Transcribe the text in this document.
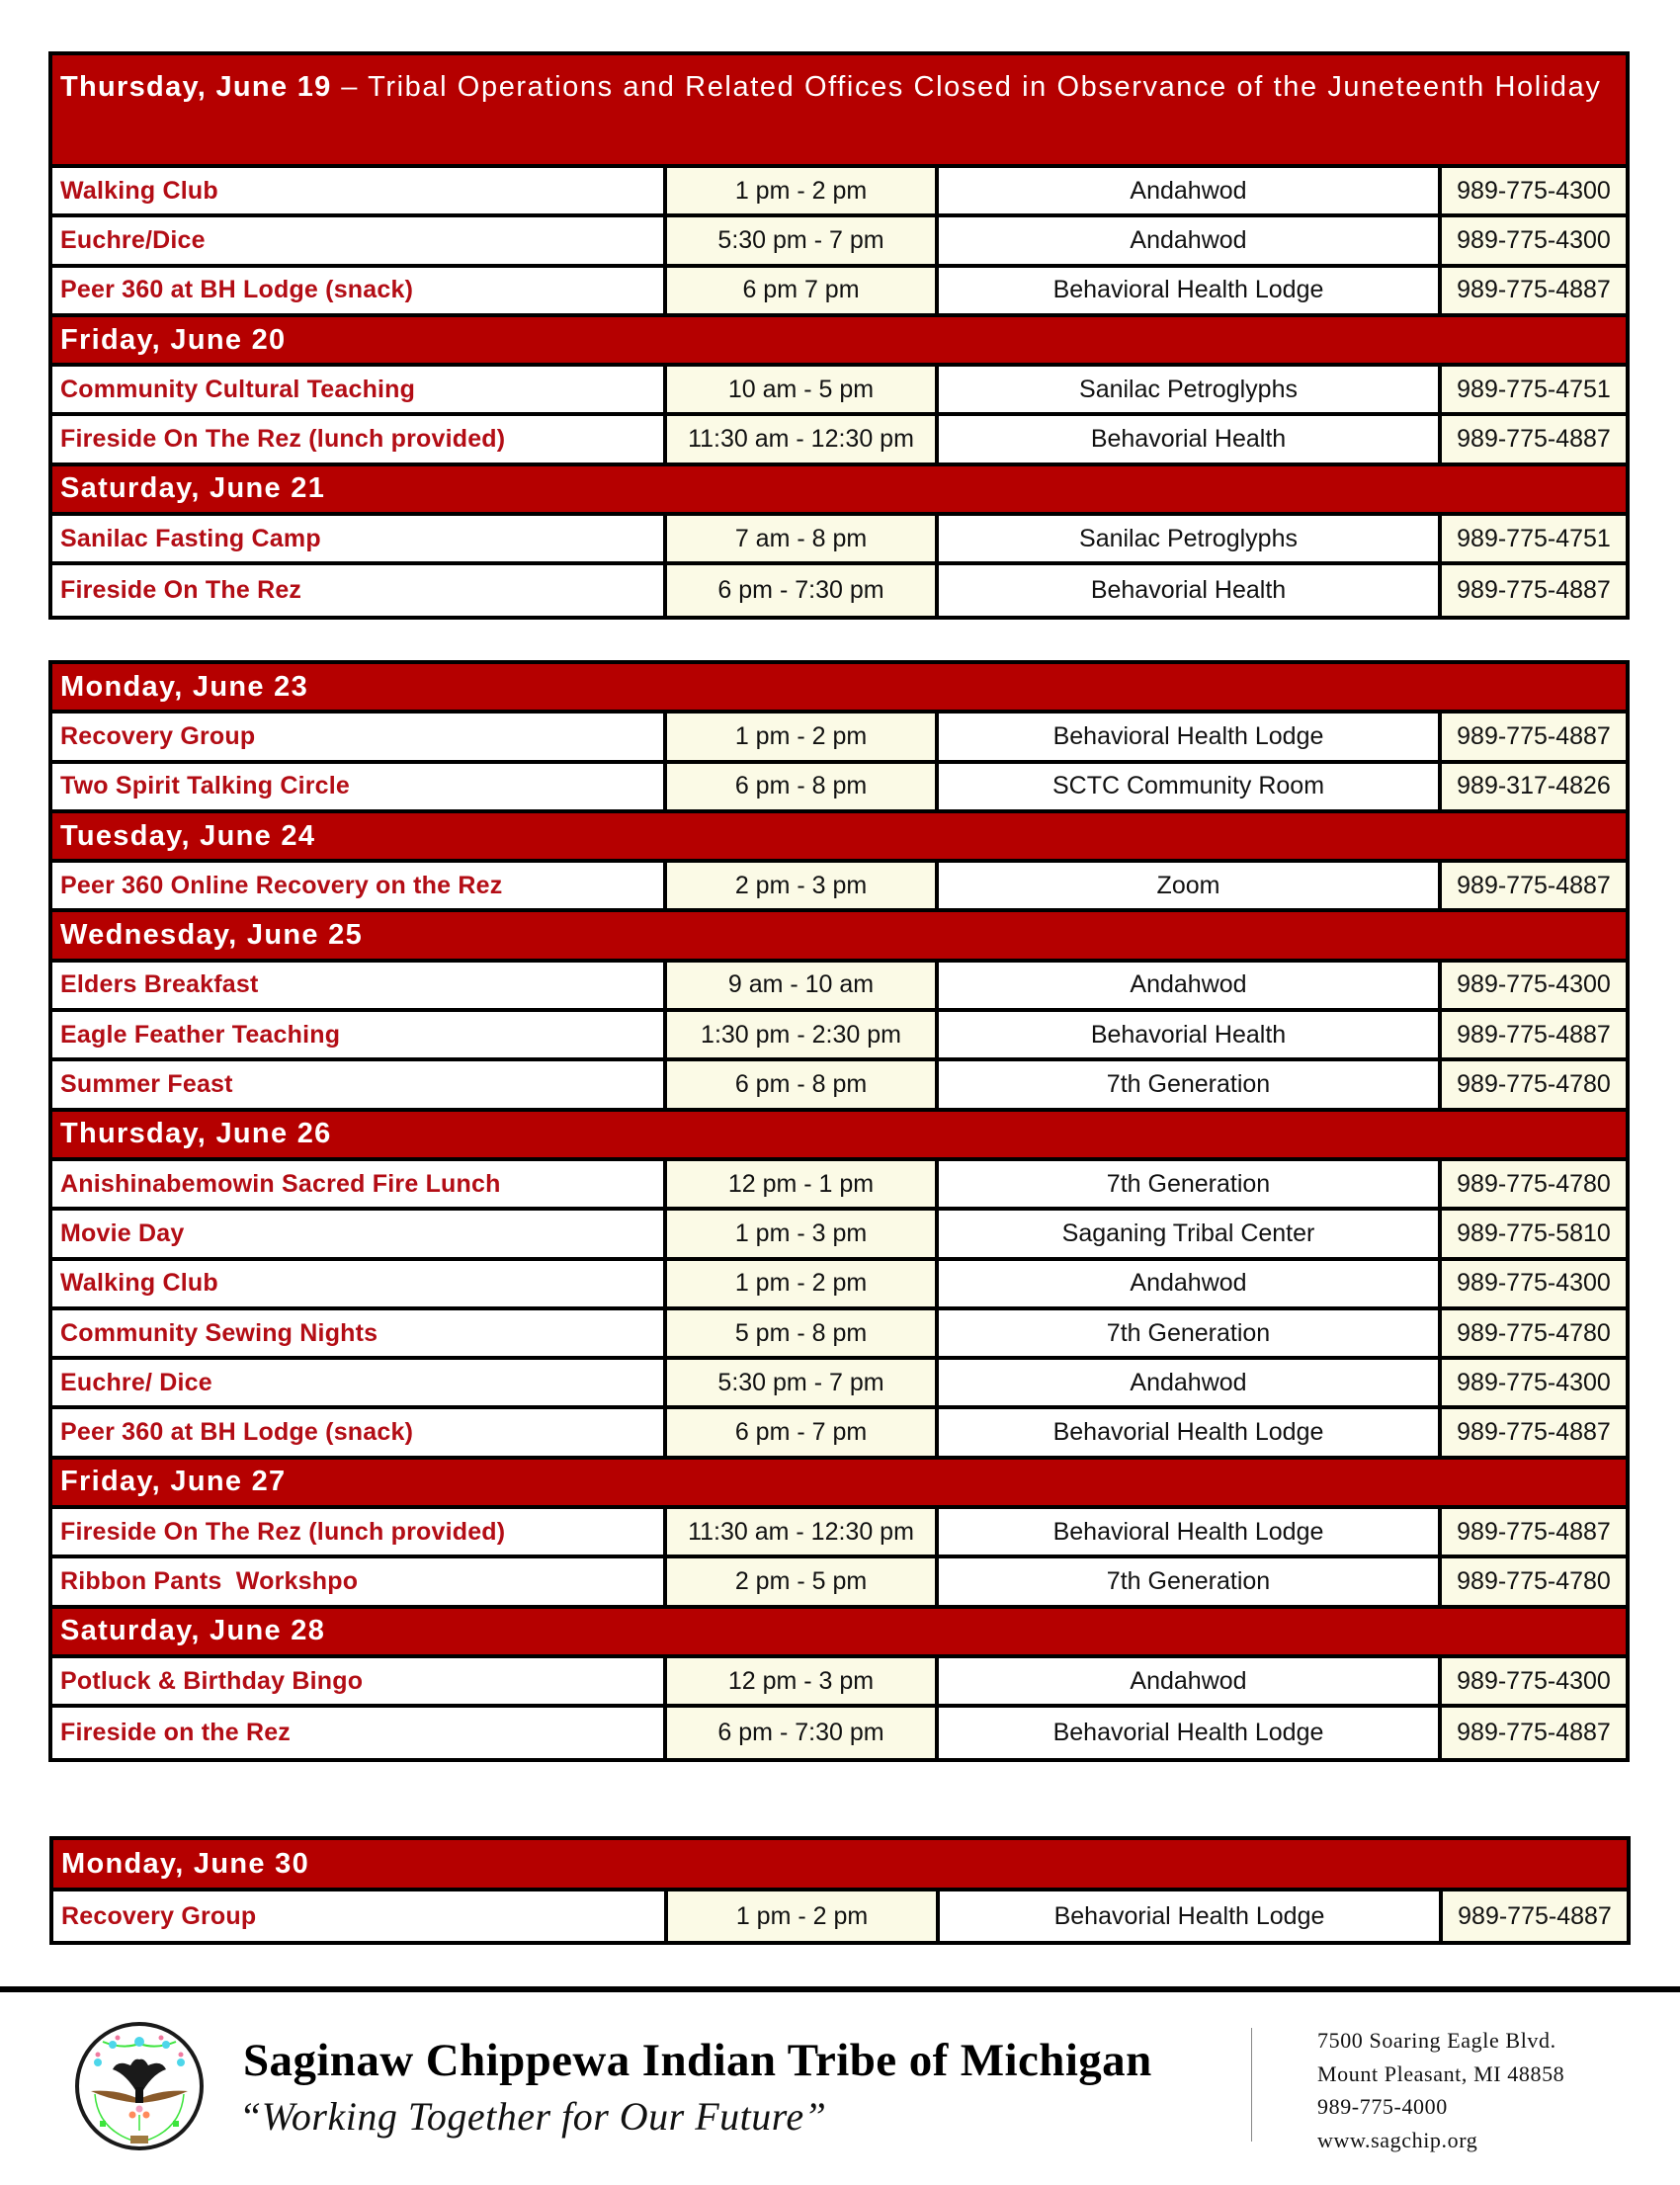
Thursday, June 19 – Tribal Operations and Related Offices Closed in Observance of the Juneteenth Holiday
Walking Club	1 pm - 2 pm	Andahwod	989-775-4300
Euchre/Dice	5:30 pm - 7 pm	Andahwod	989-775-4300
Peer 360 at BH Lodge (snack)	6 pm 7 pm	Behavioral Health Lodge	989-775-4887
Friday, June 20
Community Cultural Teaching	10 am - 5 pm	Sanilac Petroglyphs	989-775-4751
Fireside On The Rez (lunch provided)	11:30 am - 12:30 pm	Behavorial Health	989-775-4887
Saturday, June 21
Sanilac Fasting Camp	7 am - 8 pm	Sanilac Petroglyphs	989-775-4751
Fireside On The Rez	6 pm - 7:30 pm	Behavorial Health	989-775-4887
Monday, June 23
Recovery Group	1 pm - 2 pm	Behavioral Health Lodge	989-775-4887
Two Spirit Talking Circle	6 pm - 8 pm	SCTC Community Room	989-317-4826
Tuesday, June 24
Peer 360 Online Recovery on the Rez	2 pm - 3 pm	Zoom	989-775-4887
Wednesday, June 25
Elders Breakfast	9 am - 10 am	Andahwod	989-775-4300
Eagle Feather Teaching	1:30 pm - 2:30 pm	Behavorial Health	989-775-4887
Summer Feast	6 pm - 8 pm	7th Generation	989-775-4780
Thursday, June 26
Anishinabemowin Sacred Fire Lunch	12 pm - 1 pm	7th Generation	989-775-4780
Movie Day	1 pm - 3 pm	Saganing Tribal Center	989-775-5810
Walking Club	1 pm - 2 pm	Andahwod	989-775-4300
Community Sewing Nights	5 pm - 8 pm	7th Generation	989-775-4780
Euchre/ Dice	5:30 pm - 7 pm	Andahwod	989-775-4300
Peer 360 at BH Lodge (snack)	6 pm - 7 pm	Behavorial Health Lodge	989-775-4887
Friday, June 27
Fireside On The Rez (lunch provided)	11:30 am - 12:30 pm	Behavioral Health Lodge	989-775-4887
Ribbon Pants  Workshpo	2 pm - 5 pm	7th Generation	989-775-4780
Saturday, June 28
Potluck & Birthday Bingo	12 pm - 3 pm	Andahwod	989-775-4300
Fireside on the Rez	6 pm - 7:30 pm	Behavorial Health Lodge	989-775-4887
Monday, June 30
Recovery Group	1 pm - 2 pm	Behavorial Health Lodge	989-775-4887
Saginaw Chippewa Indian Tribe of Michigan
“Working Together for Our Future”
7500 Soaring Eagle Blvd.
Mount Pleasant, MI 48858
989-775-4000
www.sagchip.org
